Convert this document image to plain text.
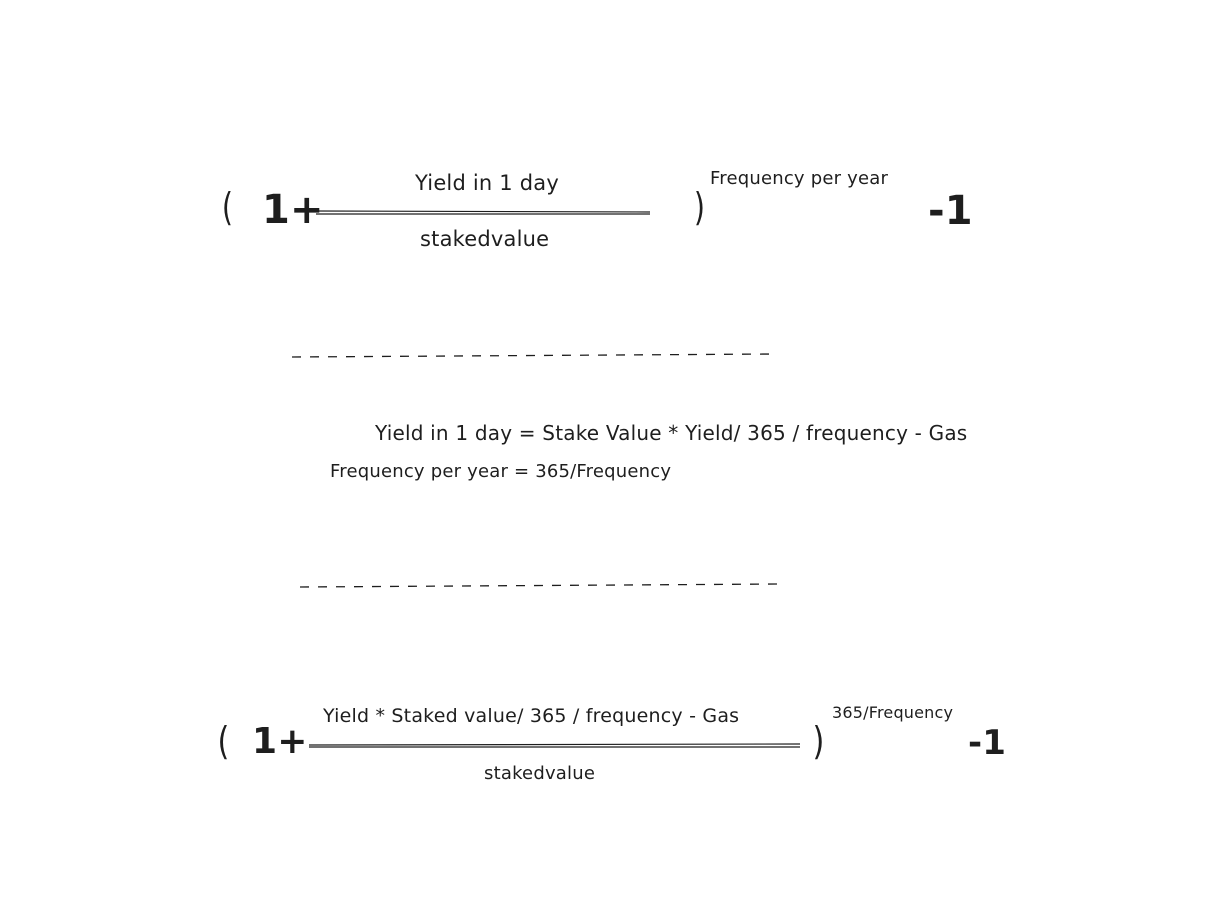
( 1+
Yield in 1 day
stakedvalue
)
Frequency per year
-1
Yield in 1 day = Stake Value * Yield/ 365 / frequency - Gas
Frequency per year = 365/Frequency
( 1+
Yield * Staked value/ 365 / frequency - Gas
stakedvalue
)
365/Frequency
-1
